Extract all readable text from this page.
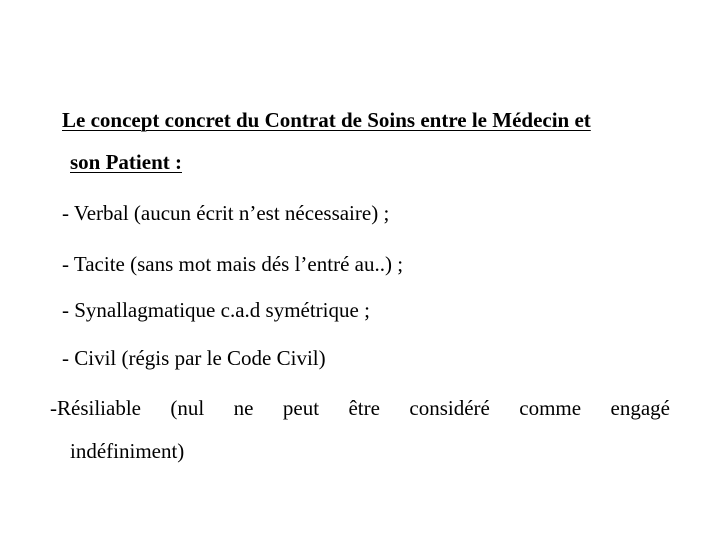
Le concept concret du Contrat de Soins entre le Médecin et
son Patient :
- Verbal (aucun écrit n’est nécessaire) ;
- Tacite (sans mot mais dés l’entré au..) ;
- Synallagmatique c.a.d symétrique ;
- Civil (régis par le Code Civil)
-Résiliable (nul ne peut être considéré comme engagé
indéfiniment)
